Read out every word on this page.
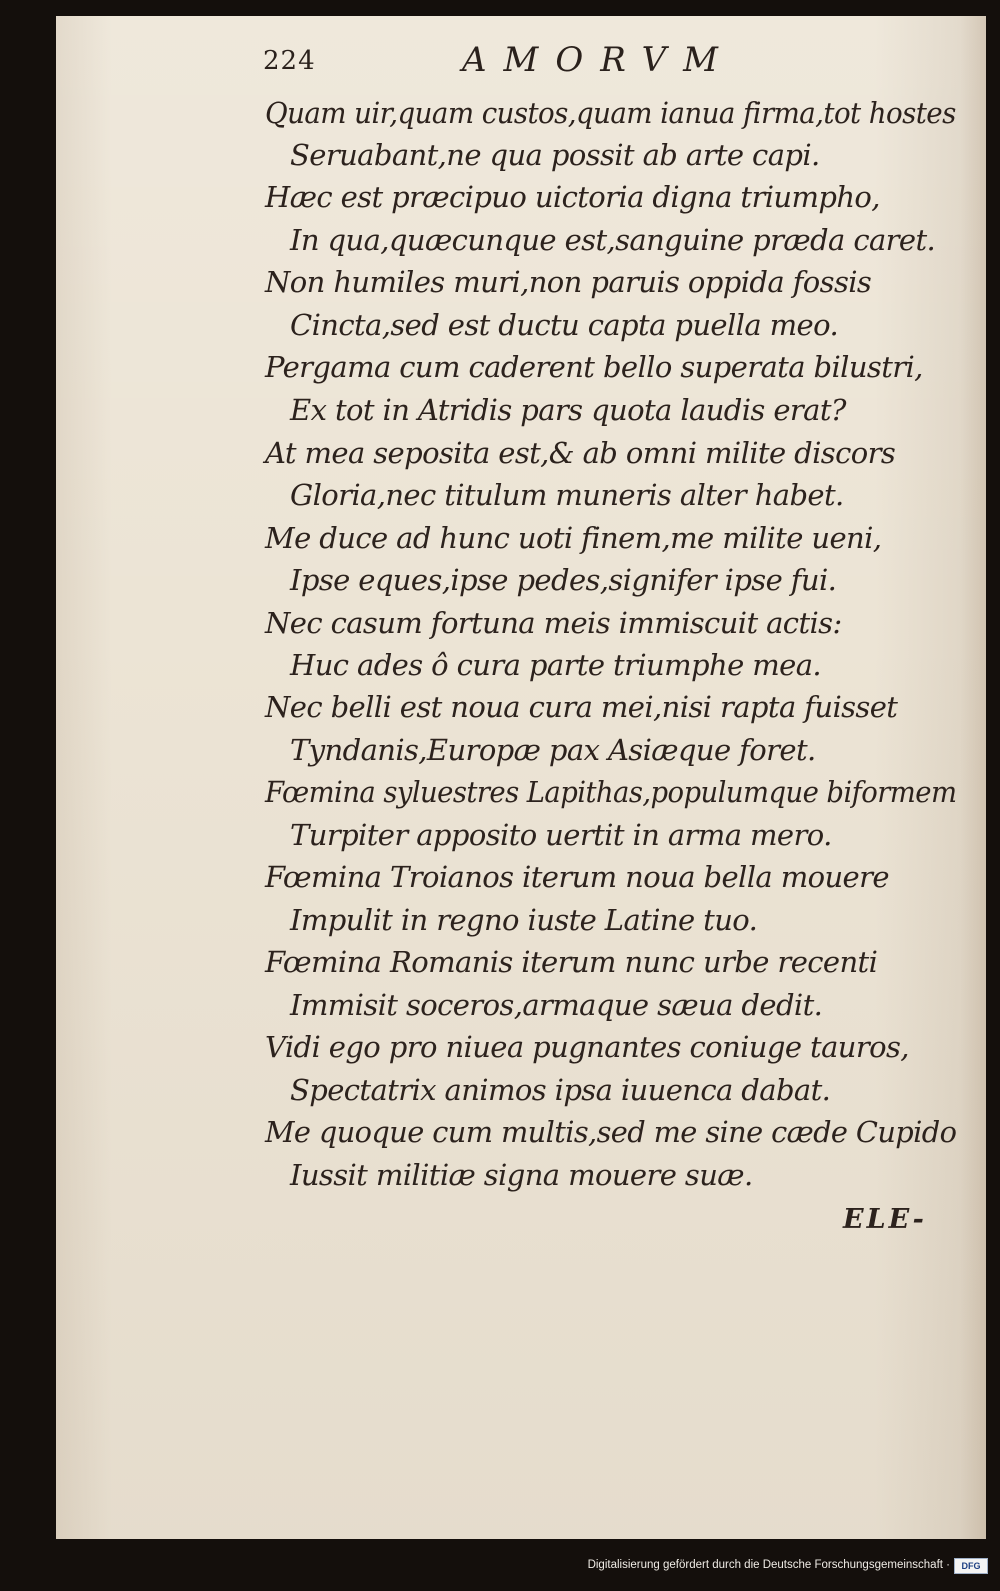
224	AMORVM
Quam uir,quam custos,quam ianua firma,tot hostes
Seruabant,ne qua possit ab arte capi.
Hæc est præcipuo uictoria digna triumpho,
In qua,quæcunque est,sanguine præda caret.
Non humiles muri,non paruis oppida fossis
Cincta,sed est ductu capta puella meo.
Pergama cum caderent bello superata bilustri,
Ex tot in Atridis pars quota laudis erat?
At mea seposita est,& ab omni milite discors
Gloria,nec titulum muneris alter habet.
Me duce ad hunc uoti finem,me milite ueni,
Ipse eques,ipse pedes,signifer ipse fui.
Nec casum fortuna meis immiscuit actis:
Huc ades ô cura parte triumphe mea.
Nec belli est noua cura mei,nisi rapta fuisset
Tyndanis,Europæ pax Asiæque foret.
Fœmina syluestres Lapithas,populumque biformem
Turpiter apposito uertit in arma mero.
Fœmina Troianos iterum noua bella mouere
Impulit in regno iuste Latine tuo.
Fœmina Romanis iterum nunc urbe recenti
Immisit soceros,armaque sæua dedit.
Vidi ego pro niuea pugnantes coniuge tauros,
Spectatrix animos ipsa iuuenca dabat.
Me quoque cum multis,sed me sine cæde Cupido
Iussit militiæ signa mouere suæ.
ELE-
Digitalisierung gefördert durch die Deutsche Forschungsgemeinschaft ·	DFG
